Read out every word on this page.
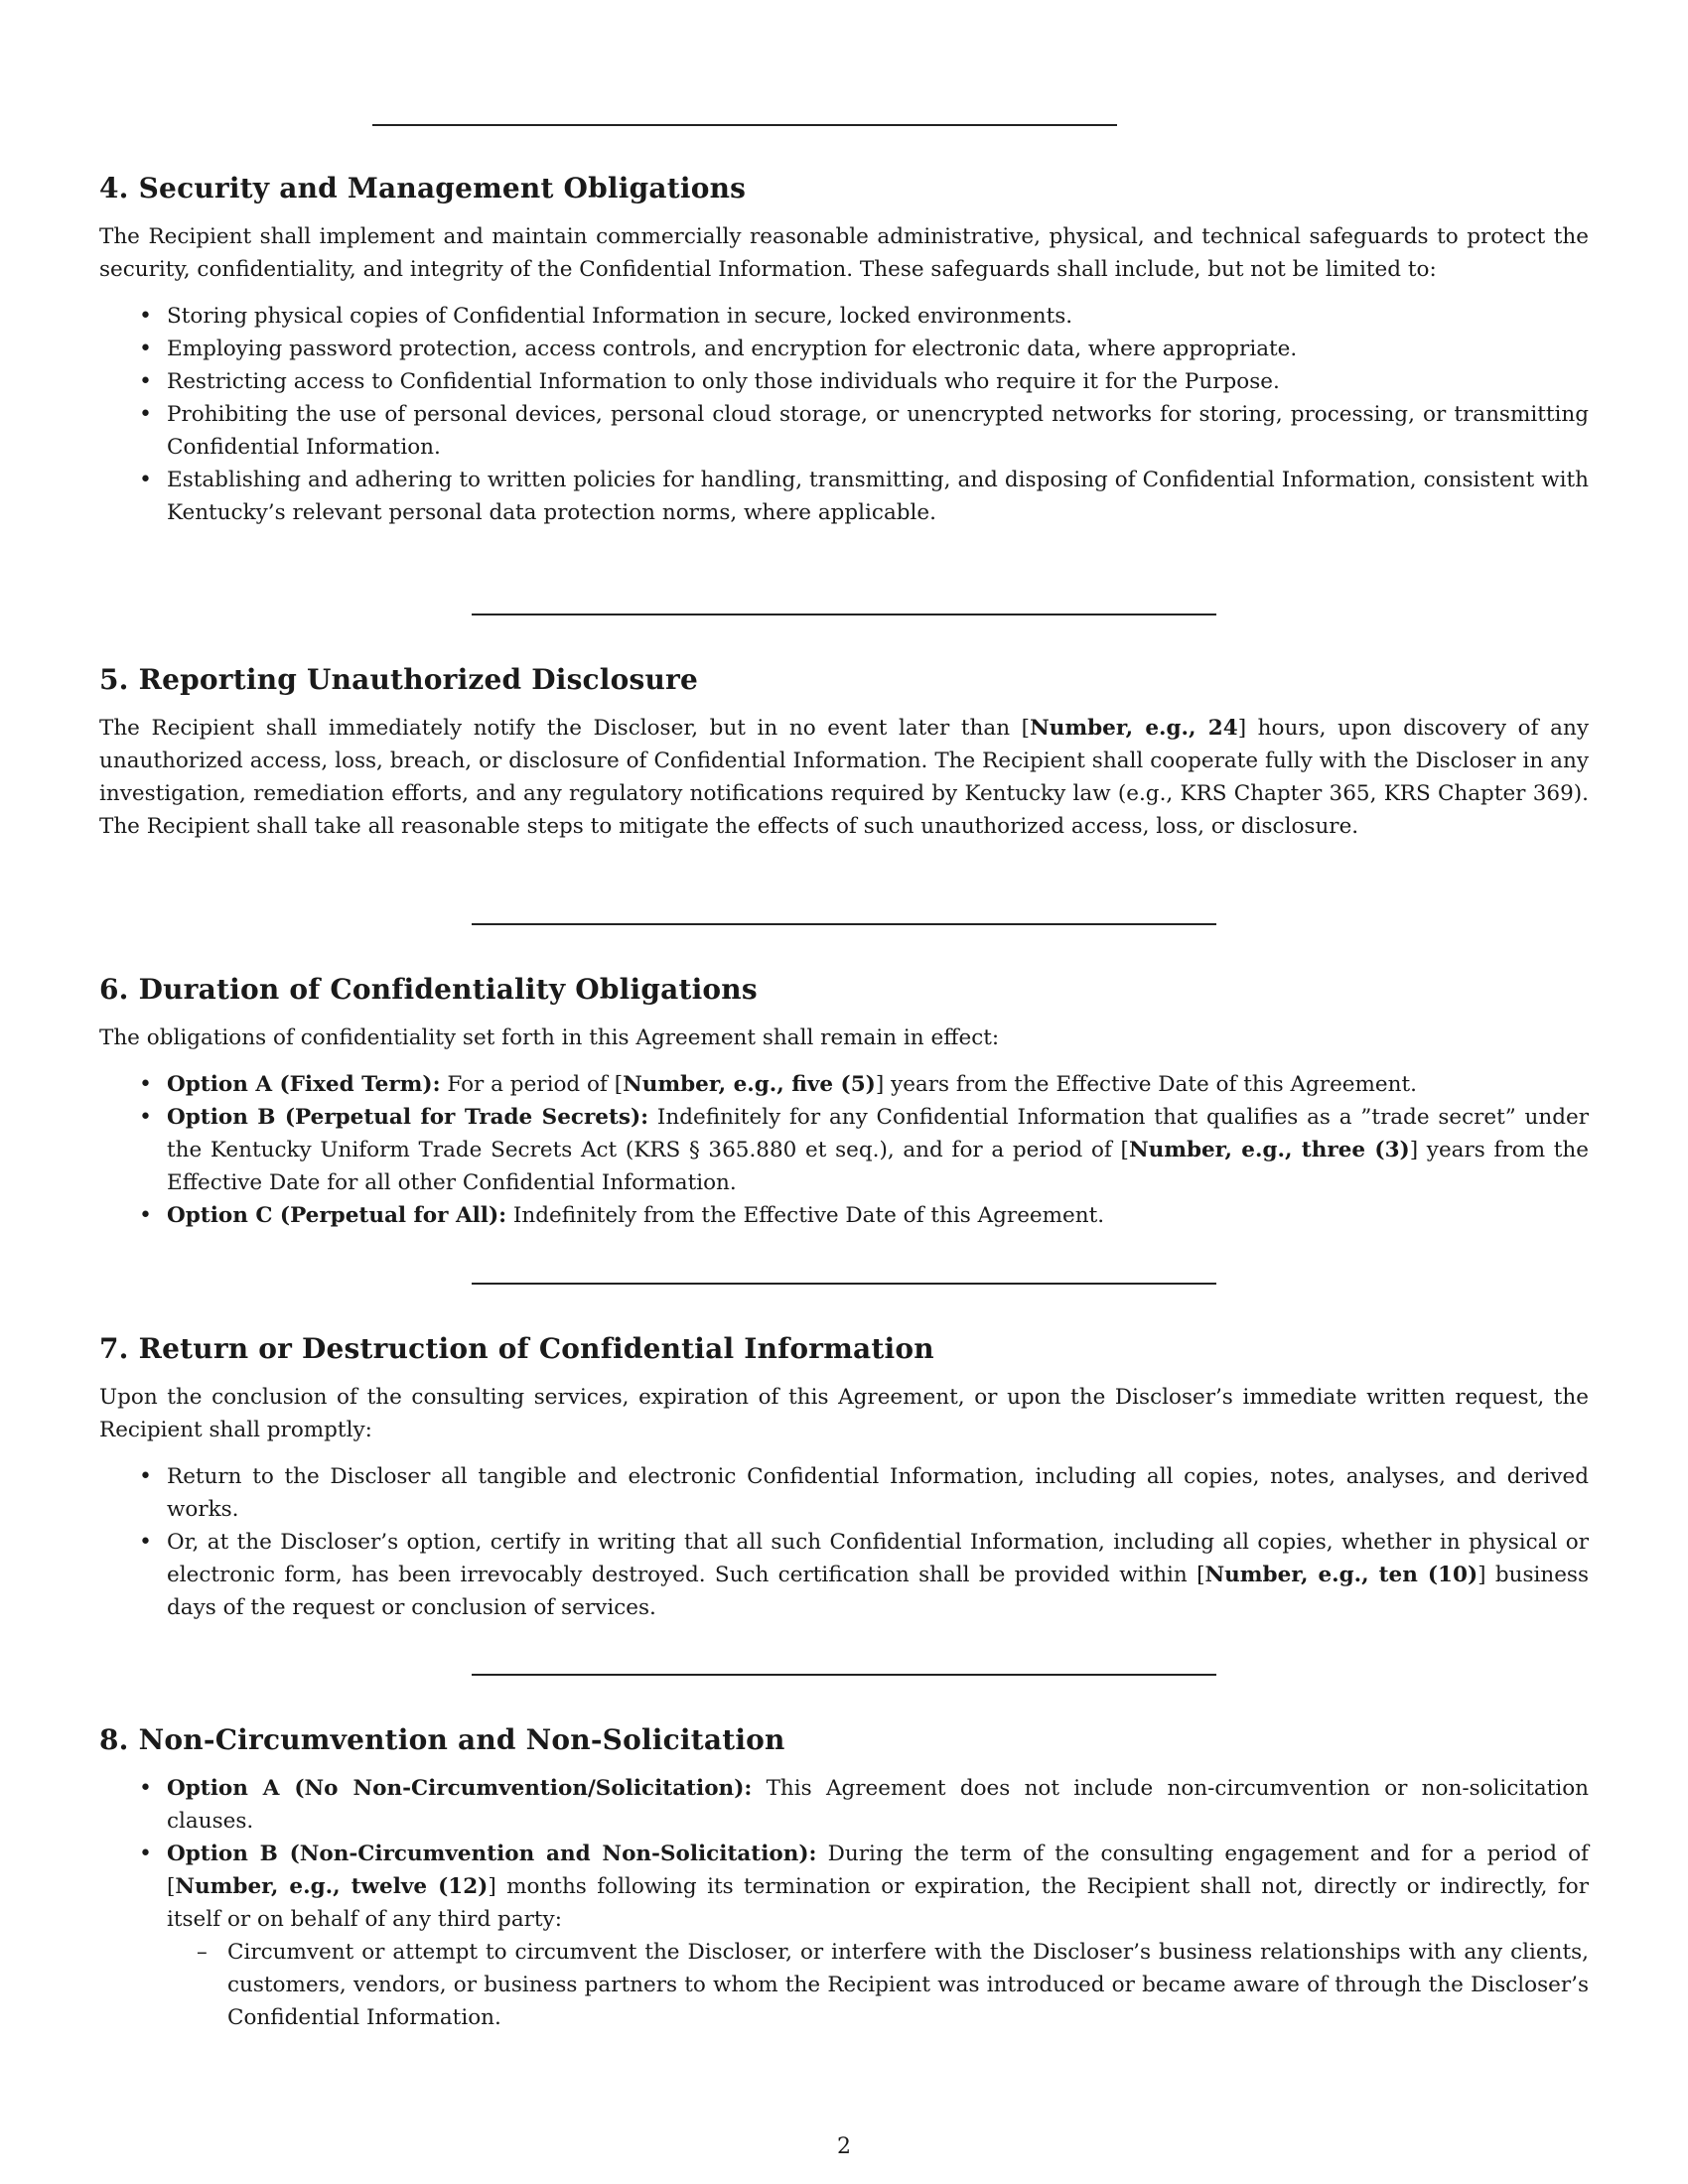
4. Security and Management Obligations

The Recipient shall implement and maintain commercially reasonable administrative, physical, and technical safeguards to protect the security, confidentiality, and integrity of the Confidential Information. These safeguards shall include, but not be limited to:

• Storing physical copies of Confidential Information in secure, locked environments.
• Employing password protection, access controls, and encryption for electronic data, where appropriate.
• Restricting access to Confidential Information to only those individuals who require it for the Purpose.
• Prohibiting the use of personal devices, personal cloud storage, or unencrypted networks for storing, processing, or transmitting Confidential Information.
• Establishing and adhering to written policies for handling, transmitting, and disposing of Confidential Information, consistent with Kentucky’s relevant personal data protection norms, where applicable.
5. Reporting Unauthorized Disclosure

The Recipient shall immediately notify the Discloser, but in no event later than [Number, e.g., 24] hours, upon discovery of any unauthorized access, loss, breach, or disclosure of Confidential Information. The Recipient shall cooperate fully with the Discloser in any investigation, remediation efforts, and any regulatory notifications required by Kentucky law (e.g., KRS Chapter 365, KRS Chapter 369). The Recipient shall take all reasonable steps to mitigate the effects of such unauthorized access, loss, or disclosure.

6. Duration of Confidentiality Obligations

The obligations of confidentiality set forth in this Agreement shall remain in effect:

• Option A (Fixed Term): For a period of [Number, e.g., five (5)] years from the Effective Date of this Agreement.
• Option B (Perpetual for Trade Secrets): Indefinitely for any Confidential Information that qualifies as a ”trade secret” under the Kentucky Uniform Trade Secrets Act (KRS § 365.880 et seq.), and for a period of [Number, e.g., three (3)] years from the Effective Date for all other Confidential Information.
• Option C (Perpetual for All): Indefinitely from the Effective Date of this Agreement.
7. Return or Destruction of Confidential Information

Upon the conclusion of the consulting services, expiration of this Agreement, or upon the Discloser’s immediate written request, the Recipient shall promptly:

• Return to the Discloser all tangible and electronic Confidential Information, including all copies, notes, analyses, and derived works.
• Or, at the Discloser’s option, certify in writing that all such Confidential Information, including all copies, whether in physical or electronic form, has been irrevocably destroyed. Such certification shall be provided within [Number, e.g., ten (10)] business days of the request or conclusion of services.
8. Non-Circumvention and Non-Solicitation
• Option A (No Non-Circumvention/Solicitation): This Agreement does not include non-circumvention or non-solicitation clauses.
• Option B (Non-Circumvention and Non-Solicitation): During the term of the consulting engagement and for a period of [Number, e.g., twelve (12)] months following its termination or expiration, the Recipient shall not, directly or indirectly, for itself or on behalf of any third party:
– Circumvent or attempt to circumvent the Discloser, or interfere with the Discloser’s business relationships with any clients, customers, vendors, or business partners to whom the Recipient was introduced or became aware of through the Discloser’s Confidential Information.
2
